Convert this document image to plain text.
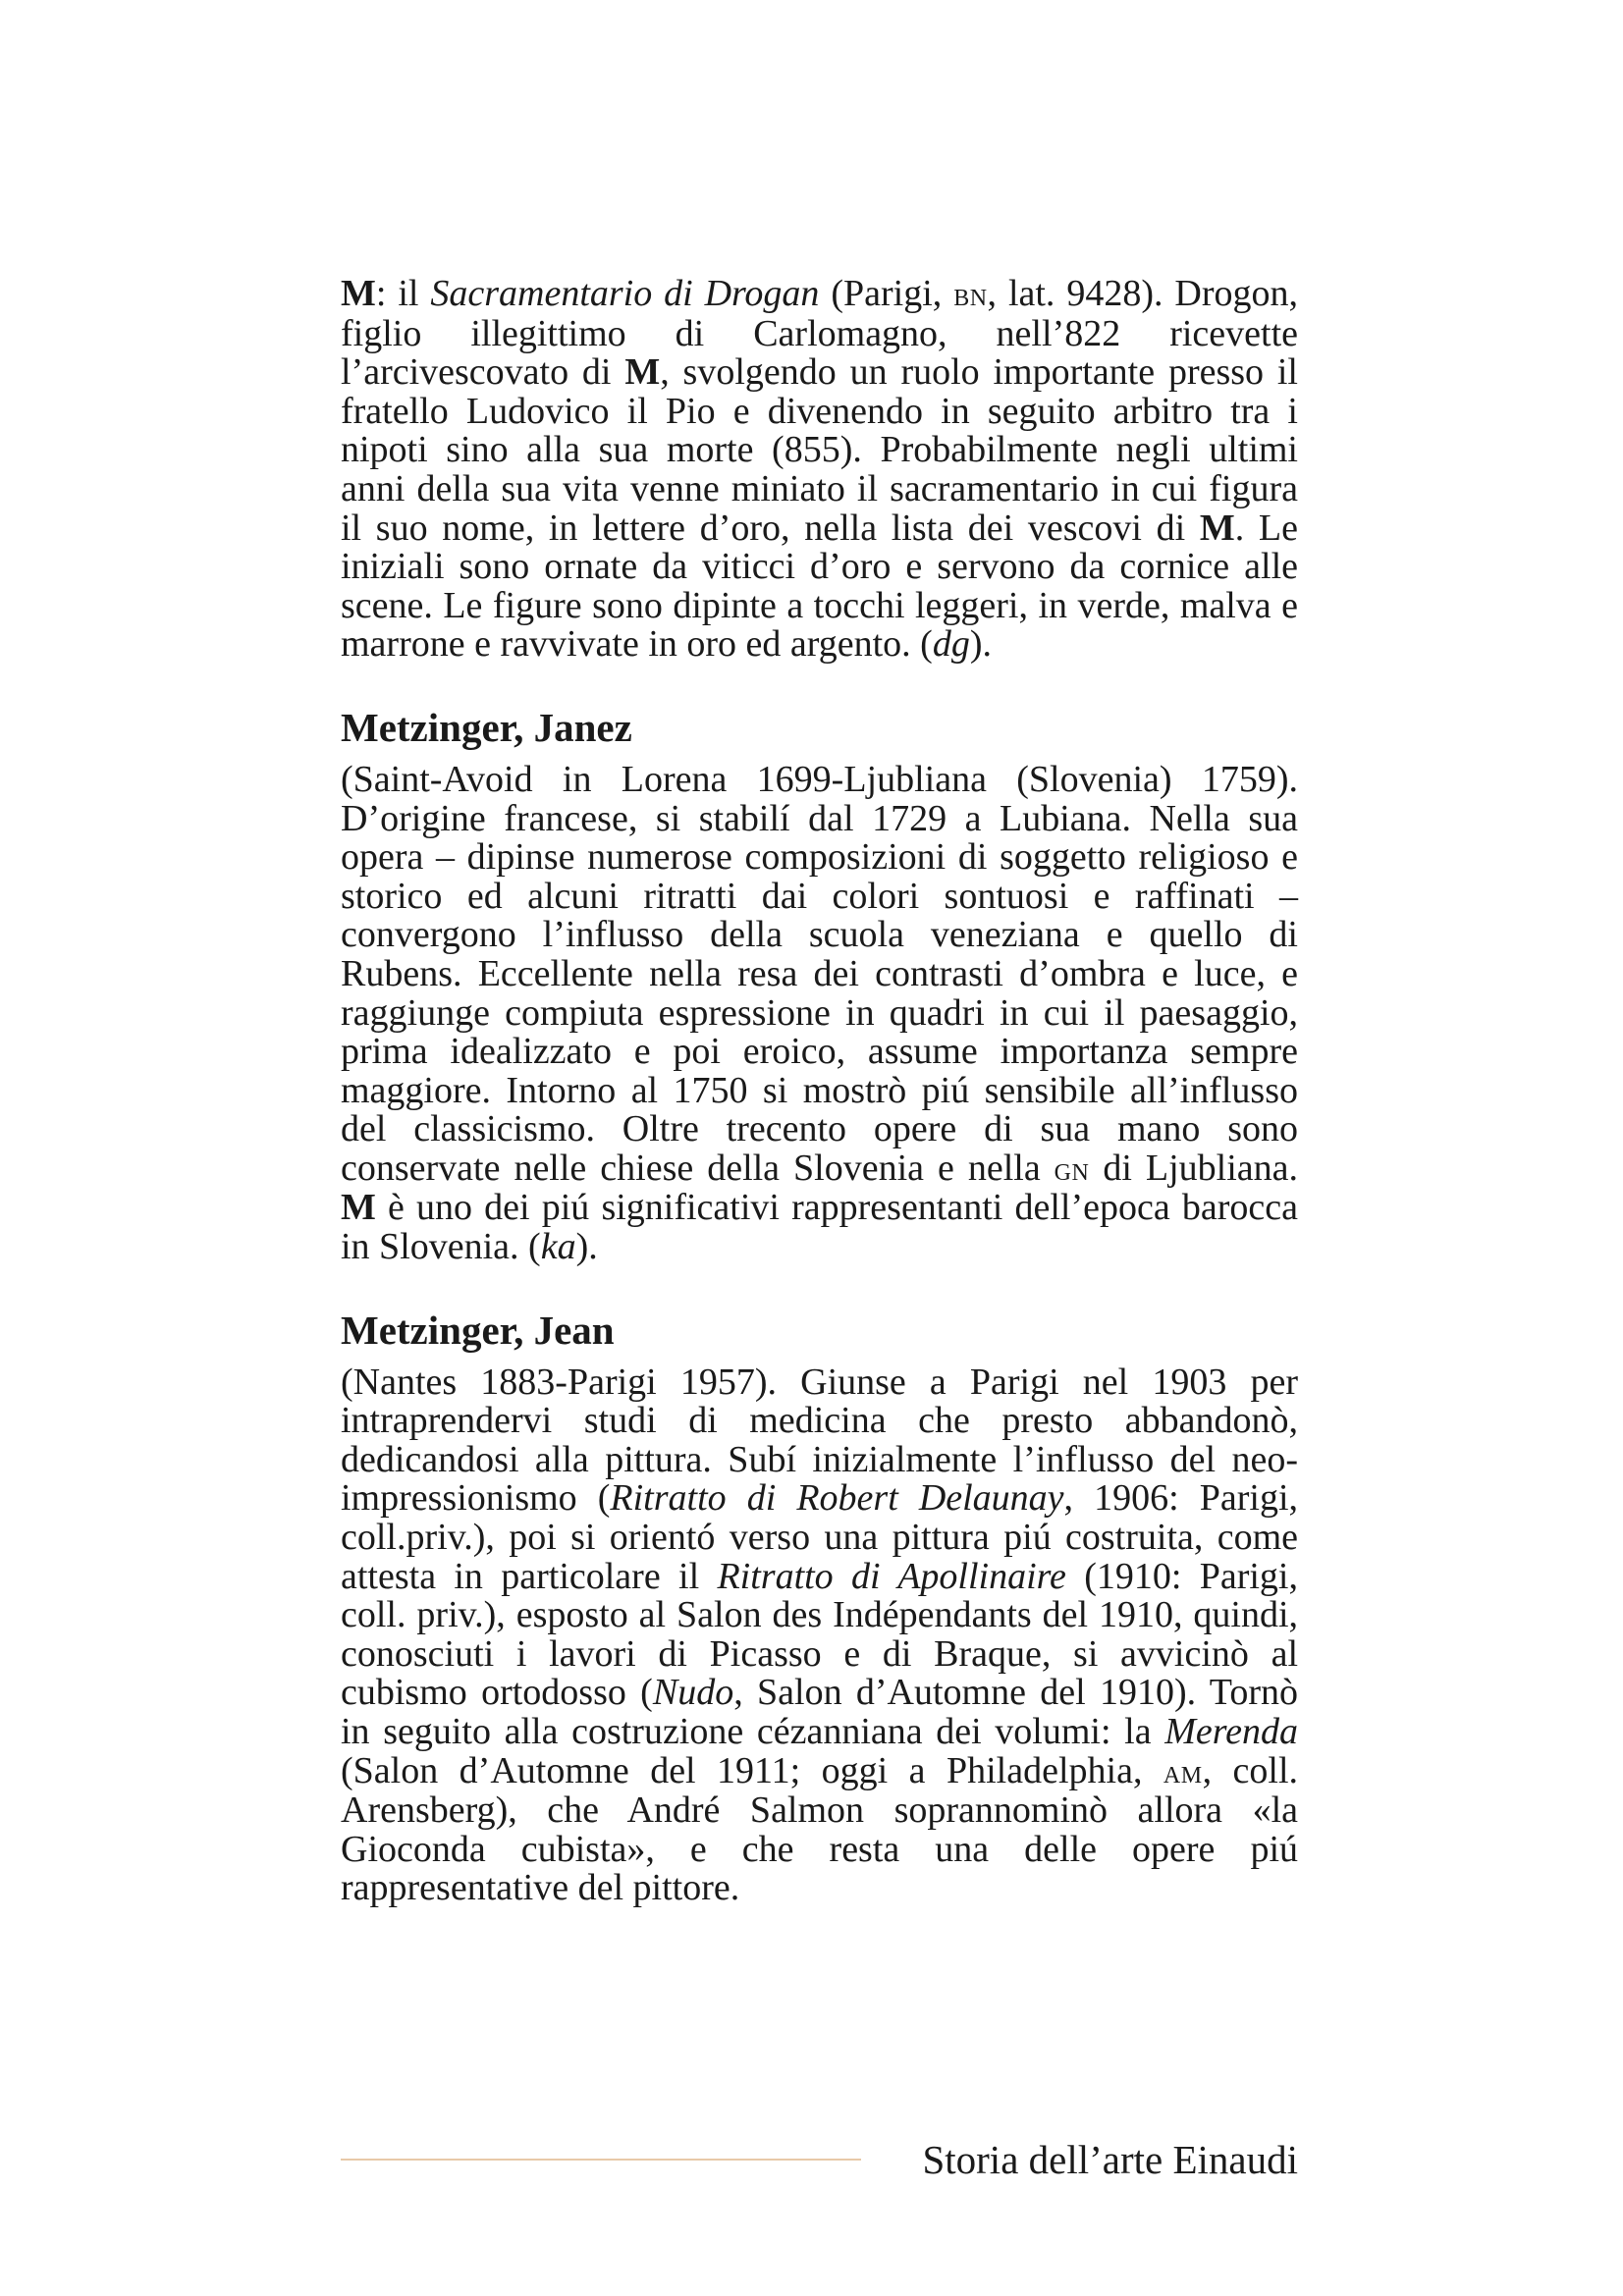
M: il Sacramentario di Drogan (Parigi, bn, lat. 9428). Drogon, figlio illegittimo di Carlomagno, nell’822 ricevette l’arcivescovato di M, svolgendo un ruolo importante presso il fratello Ludovico il Pio e divenendo in seguito arbitro tra i nipoti sino alla sua morte (855). Probabilmente negli ultimi anni della sua vita venne miniato il sacramentario in cui figura il suo nome, in lettere d’oro, nella lista dei vescovi di M. Le iniziali sono ornate da viticci d’oro e servono da cornice alle scene. Le figure sono dipinte a tocchi leggeri, in verde, malva e marrone e ravvivate in oro ed argento. (dg).

Metzinger, Janez

(Saint-Avoid in Lorena 1699-Ljubliana (Slovenia) 1759). D’origine francese, si stabilí dal 1729 a Lubiana. Nella sua opera – dipinse numerose composizioni di soggetto religioso e storico ed alcuni ritratti dai colori sontuosi e raffinati – convergono l’influsso della scuola veneziana e quello di Rubens. Eccellente nella resa dei contrasti d’ombra e luce, e raggiunge compiuta espressione in quadri in cui il paesaggio, prima idealizzato e poi eroico, assume importanza sempre maggiore. Intorno al 1750 si mostrò piú sensibile all’influsso del classicismo. Oltre trecento opere di sua mano sono conservate nelle chiese della Slovenia e nella gn di Ljubliana. M è uno dei piú significativi rappresentanti dell’epoca barocca in Slovenia. (ka).

Metzinger, Jean

(Nantes 1883-Parigi 1957). Giunse a Parigi nel 1903 per intraprendervi studi di medicina che presto abbandonò, dedicandosi alla pittura. Subí inizialmente l’influsso del neo-impressionismo (Ritratto di Robert Delaunay, 1906: Parigi, coll.priv.), poi si orientó verso una pittura piú costruita, come attesta in particolare il Ritratto di Apollinaire (1910: Parigi, coll. priv.), esposto al Salon des Indépendants del 1910, quindi, conosciuti i lavori di Picasso e di Braque, si avvicinò al cubismo ortodosso (Nudo, Salon d’Automne del 1910). Tornò in seguito alla costruzione cézanniana dei volumi: la Merenda (Salon d’Automne del 1911; oggi a Philadelphia, am, coll. Arensberg), che André Salmon soprannominò allora «la Gioconda cubista», e che resta una delle opere piú rappresentative del pittore.

Storia dell’arte Einaudi
